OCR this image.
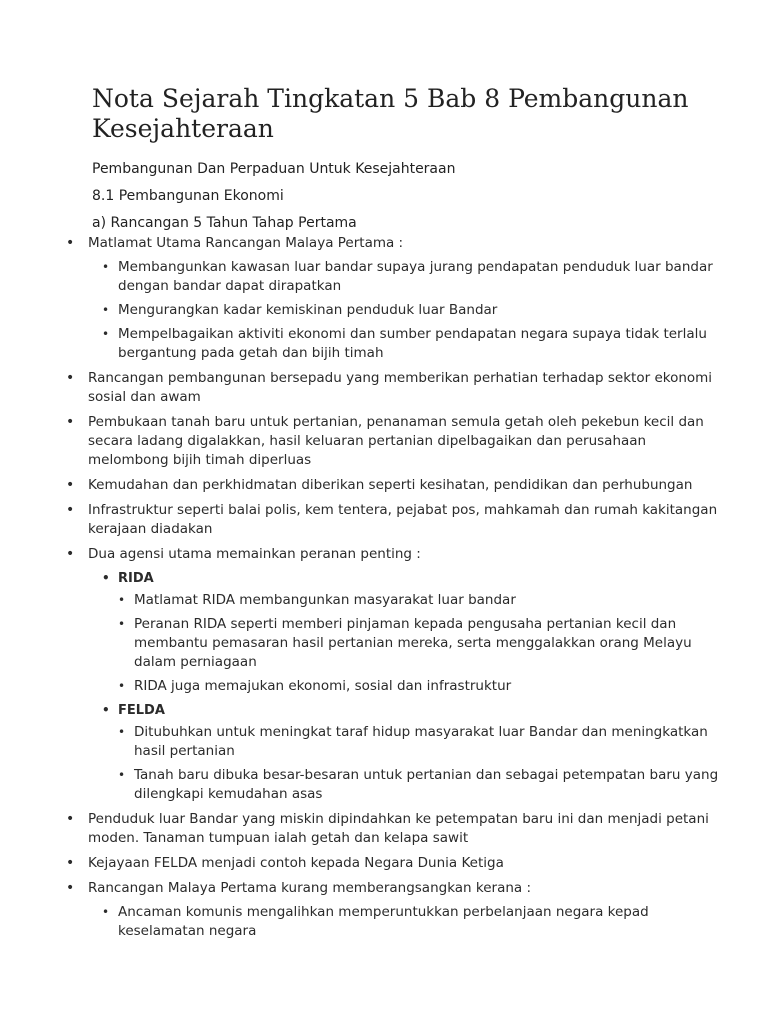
Nota Sejarah Tingkatan 5 Bab 8 Pembangunan Kesejahteraan
Pembangunan Dan Perpaduan Untuk Kesejahteraan
8.1 Pembangunan Ekonomi
a) Rancangan 5 Tahun Tahap Pertama
• Matlamat Utama Rancangan Malaya Pertama :
• Membangunkan kawasan luar bandar supaya jurang pendapatan penduduk luar bandar dengan bandar dapat dirapatkan
• Mengurangkan kadar kemiskinan penduduk luar Bandar
• Mempelbagaikan aktiviti ekonomi dan sumber pendapatan negara supaya tidak terlalu bergantung pada getah dan bijih timah
• Rancangan pembangunan bersepadu yang memberikan perhatian terhadap sektor ekonomi sosial dan awam
• Pembukaan tanah baru untuk pertanian, penanaman semula getah oleh pekebun kecil dan secara ladang digalakkan, hasil keluaran pertanian dipelbagaikan dan perusahaan melombong bijih timah diperluas
• Kemudahan dan perkhidmatan diberikan seperti kesihatan, pendidikan dan perhubungan
• Infrastruktur seperti balai polis, kem tentera, pejabat pos, mahkamah dan rumah kakitangan kerajaan diadakan
• Dua agensi utama memainkan peranan penting :
• RIDA
• Matlamat RIDA membangunkan masyarakat luar bandar
• Peranan RIDA seperti memberi pinjaman kepada pengusaha pertanian kecil dan membantu pemasaran hasil pertanian mereka, serta menggalakkan orang Melayu dalam perniagaan
• RIDA juga memajukan ekonomi, sosial dan infrastruktur
• FELDA
• Ditubuhkan untuk meningkat taraf hidup masyarakat luar Bandar dan meningkatkan hasil pertanian
• Tanah baru dibuka besar-besaran untuk pertanian dan sebagai petempatan baru yang dilengkapi kemudahan asas
• Penduduk luar Bandar yang miskin dipindahkan ke petempatan baru ini dan menjadi petani moden. Tanaman tumpuan ialah getah dan kelapa sawit
• Kejayaan FELDA menjadi contoh kepada Negara Dunia Ketiga
• Rancangan Malaya Pertama kurang memberangsangkan kerana :
• Ancaman komunis mengalihkan memperuntukkan perbelanjaan negara kepad keselamatan negara
